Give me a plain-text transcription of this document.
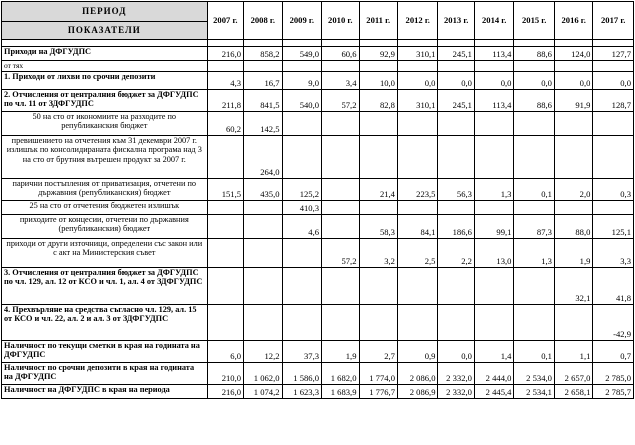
ПЕРИОД	2007 г.	2008 г.	2009 г.	2010 г.	2011 г.	2012 г.	2013 г.	2014 г.	2015 г.	2016 г.	2017 г.
ПОКАЗАТЕЛИ											

Приходи на ДФГУДПС	216,0	858,2	549,0	60,6	92,9	310,1	245,1	113,4	88,6	124,0	127,7
от тях											
1. Приходи от лихви по срочни депозити	4,3	16,7	9,0	3,4	10,0	0,0	0,0	0,0	0,0	0,0	0,0
2. Отчисления от централния бюджет за ДФГУДПС по чл. 11 от ЗДФГУДПС	211,8	841,5	540,0	57,2	82,8	310,1	245,1	113,4	88,6	91,9	128,7
50 на сто от икономиите на разходите по републиканския бюджет	60,2	142,5									
превишението на отчетения към 31 декември 2007 г. излишък по консолидираната фискална програма над 3 на сто от брутния вътрешен продукт за 2007 г.		264,0									
парични постъпления от приватизация, отчетени по държавния (републиканския) бюджет	151,5	435,0	125,2		21,4	223,5	56,3	1,3	0,1	2,0	0,3
25 на сто от отчетения бюджетен излишък			410,3								
приходите от концесии, отчетени по държавния (републиканския) бюджет			4,6		58,3	84,1	186,6	99,1	87,3	88,0	125,1
приходи от други източници, определени със закон или с акт на Министерския съвет				57,2	3,2	2,5	2,2	13,0	1,3	1,9	3,3
3. Отчисления от централния бюджет за ДФГУДПС по чл. 129, ал. 12 от КСО и чл. 1, ал. 4 от ЗДФГУДПС										32,1	41,8
4. Прехвърляне на средства съгласно чл. 129, ал. 15 от КСО и чл. 22, ал. 2 и ал. 3 от ЗДФГУДПС											-42,9
Наличност по текущи сметки в края на годината на ДФГУДПС	6,0	12,2	37,3	1,9	2,7	0,9	0,0	1,4	0,1	1,1	0,7
Наличност по срочни депозити в края на годината на ДФГУДПС	210,0	1 062,0	1 586,0	1 682,0	1 774,0	2 086,0	2 332,0	2 444,0	2 534,0	2 657,0	2 785,0
Наличност на ДФГУДПС в края на периода	216,0	1 074,2	1 623,3	1 683,9	1 776,7	2 086,9	2 332,0	2 445,4	2 534,1	2 658,1	2 785,7
